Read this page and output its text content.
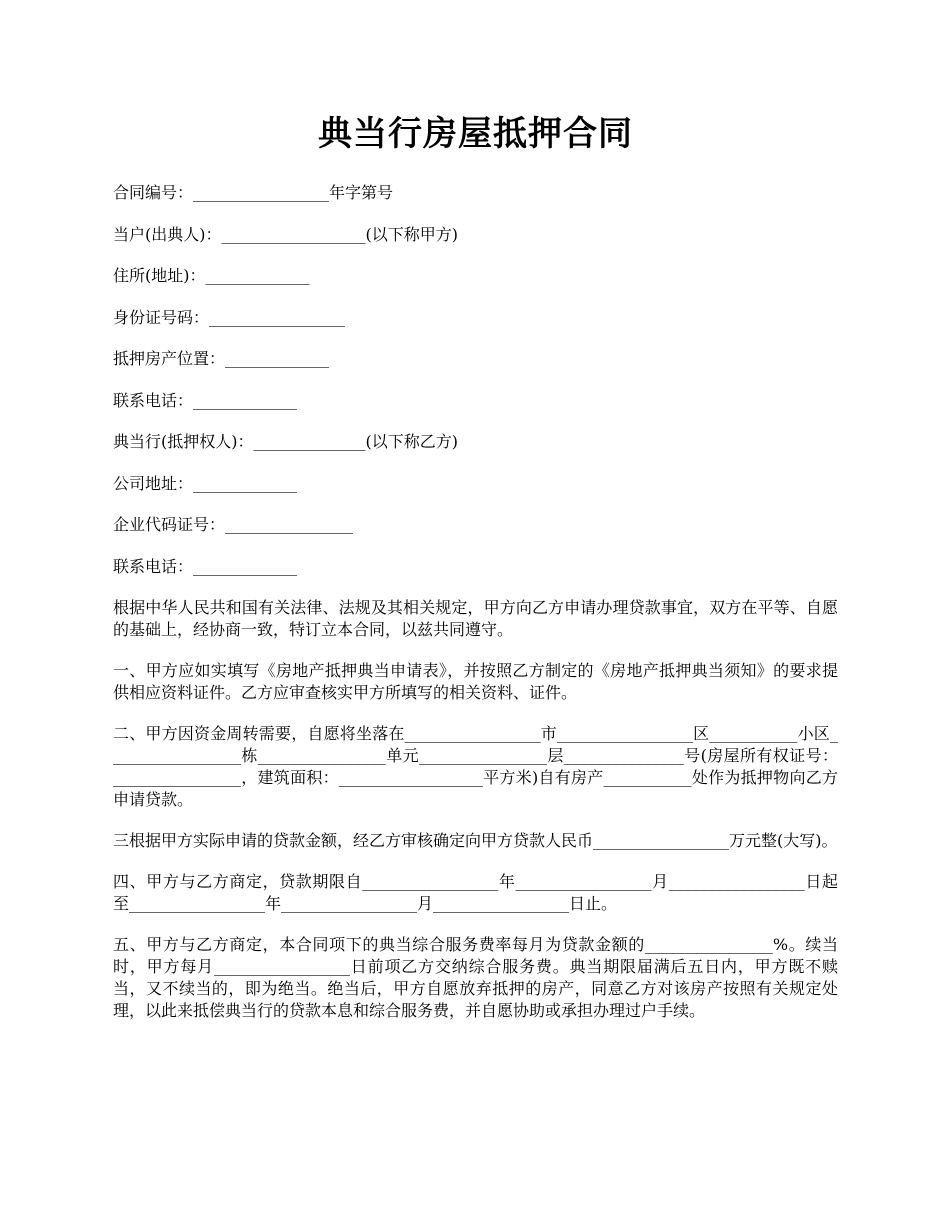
典当行房屋抵押合同
合同编号：_________________年字第号
当户(出典人)：__________________(以下称甲方)
住所(地址)：_____________
身份证号码：_________________
抵押房产位置：_____________
联系电话：_____________
典当行(抵押权人)：______________(以下称乙方)
公司地址：_____________
企业代码证号：________________
联系电话：_____________

根据中华人民共和国有关法律、法规及其相关规定，甲方向乙方申请办理贷款事宜，双方在平等、自愿的基础上，经协商一致，特订立本合同，以兹共同遵守。

一、甲方应如实填写《房地产抵押典当申请表》，并按照乙方制定的《房地产抵押典当须知》的要求提供相应资料证件。乙方应审查核实甲方所填写的相关资料、证件。

二、甲方因资金周转需要，自愿将坐落在_________________市_________________区___________小区_________________栋________________单元________________层_______________号(房屋所有权证号：________________，建筑面积：__________________平方米)自有房产___________处作为抵押物向乙方申请贷款。

三根据甲方实际申请的贷款金额，经乙方审核确定向甲方贷款人民币_________________万元整(大写)。

四、甲方与乙方商定，贷款期限自_________________年_________________月_________________日起至_________________年_________________月_________________日止。

五、甲方与乙方商定，本合同项下的典当综合服务费率每月为贷款金额的________________%。续当时，甲方每月_________________日前项乙方交纳综合服务费。典当期限届满后五日内，甲方既不赎当，又不续当的，即为绝当。绝当后，甲方自愿放弃抵押的房产，同意乙方对该房产按照有关规定处理，以此来抵偿典当行的贷款本息和综合服务费，并自愿协助或承担办理过户手续。
